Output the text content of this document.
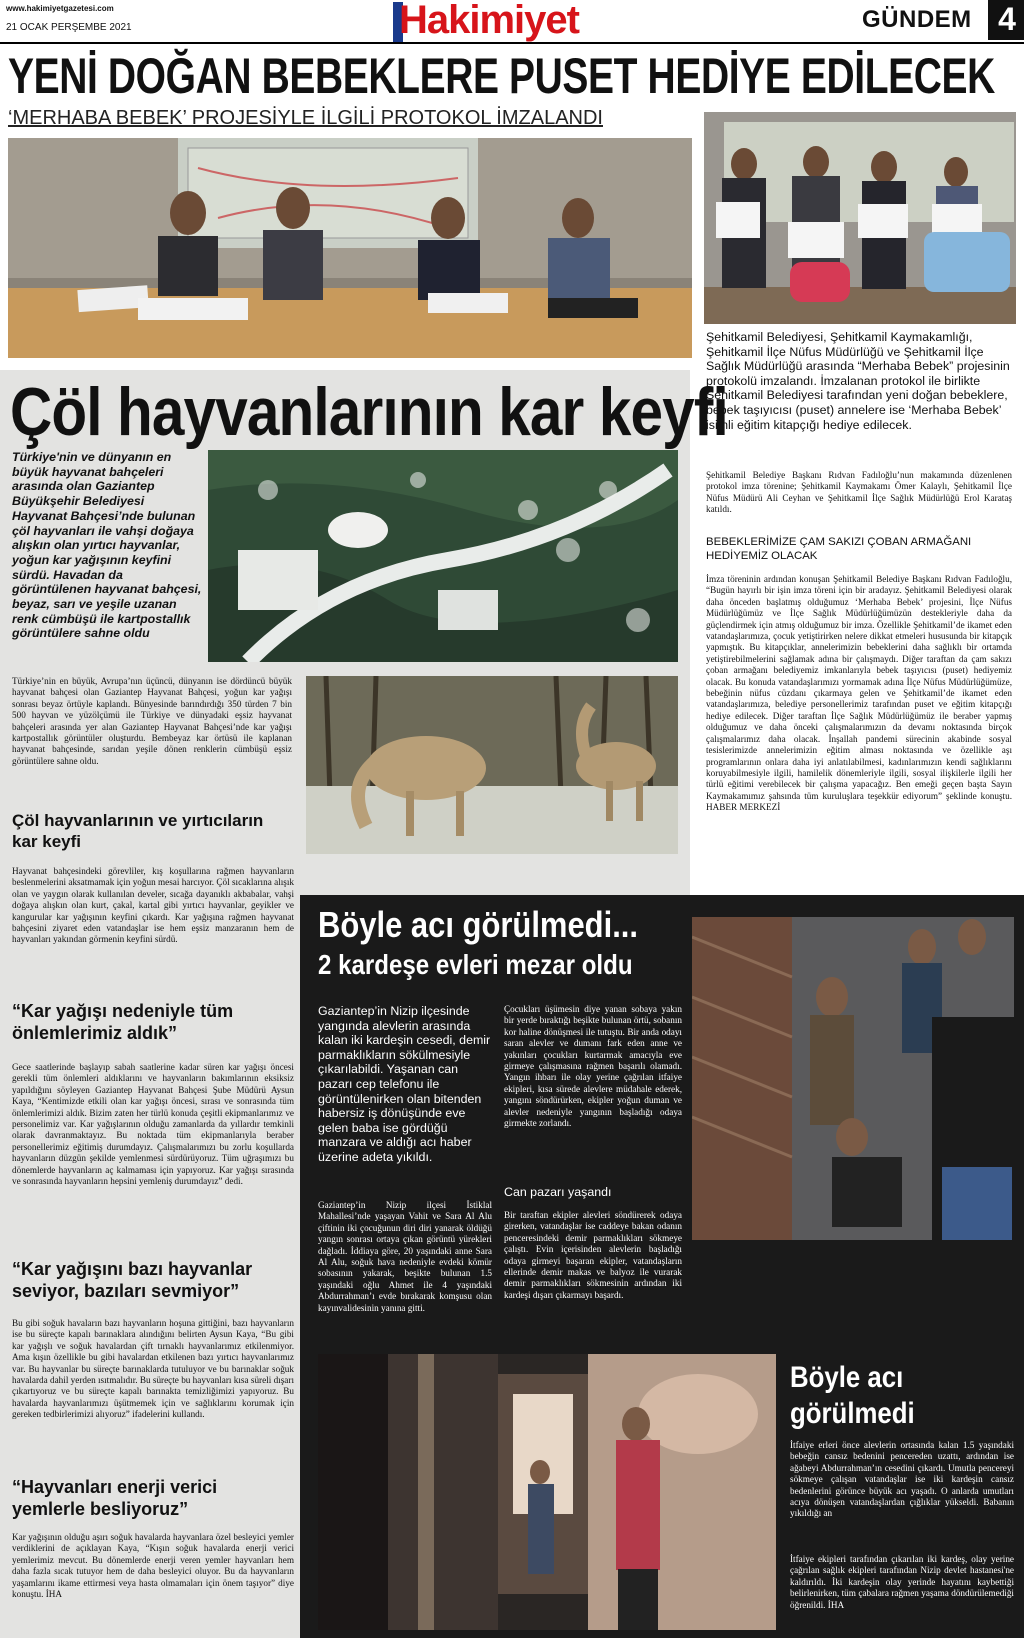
www.hakimiyetgazetesi.com
21 OCAK PERŞEMBE 2021	Hakimiyet	GÜNDEM 4
YENİ DOĞAN BEBEKLERE PUSET HEDİYE EDİLECEK
‘MERHABA BEBEK’ PROJESİYLE İLGİLİ PROTOKOL İMZALANDI
Şehitkamil Belediyesi, Şehitkamil Kaymakamlığı, Şehitkamil İlçe Nüfus Müdürlüğü ve Şehitkamil İlçe Sağlık Müdürlüğü arasında “Merhaba Bebek” projesinin protokolü imzalandı. İmzalanan protokol ile birlikte Şehitkamil Belediyesi tarafından yeni doğan bebeklere, bebek taşıyıcısı (puset) annelere ise ‘Merhaba Bebek’ isimli eğitim kitapçığı hediye edilecek.
Şehitkamil Belediye Başkanı Rıdvan Fadıloğlu’nun makamında düzenlenen protokol imza törenine; Şehitkamil Kaymakamı Ömer Kalaylı, Şehitkamil İlçe Nüfus Müdürü Ali Ceyhan ve Şehitkamil İlçe Sağlık Müdürlüğü Erol Karataş katıldı.
BEBEKLERİMİZE ÇAM SAKIZI ÇOBAN ARMAĞANI HEDİYEMİZ OLACAK
İmza töreninin ardından konuşan Şehitkamil Belediye Başkanı Rıdvan Fadıloğlu, “Bugün hayırlı bir işin imza töreni için bir aradayız. Şehitkamil Belediyesi olarak daha önceden başlatmış olduğumuz ‘Merhaba Bebek’ projesini, İlçe Nüfus Müdürlüğümüz ve İlçe Sağlık Müdürlüğümüzün destekleriyle daha da güçlendirmek için atmış olduğumuz bir imza. Özellikle Şehitkamil’de ikamet eden vatandaşlarımıza, çocuk yetiştirirken nelere dikkat etmeleri hususunda bir kitapçık yapmıştık. Bu kitapçıklar, annelerimizin bebeklerini daha sağlıklı bir ortamda yetiştirebilmelerini sağlamak adına bir çalışmaydı. Diğer taraftan da çam sakızı çoban armağanı belediyemiz imkanlarıyla bebek taşıyıcısı (puset) hediyemiz olacak. Bu konuda vatandaşlarımızı yormamak adına İlçe Nüfus Müdürlüğümüze, bebeğinin nüfus cüzdanı çıkarmaya gelen ve Şehitkamil’de ikamet eden vatandaşlarımıza, belediye personellerimiz tarafından puset ve eğitim kitapçığı hediye edilecek. Diğer taraftan İlçe Sağlık Müdürlüğümüz ile beraber yapmış olduğumuz ve daha önceki çalışmalarımızın da devamı noktasında birçok çalışmalarımız daha olacak. İnşallah pandemi sürecinin akabinde sosyal tesislerimizde annelerimizin eğitim alması noktasında ve özellikle aşı programlarının onlara daha iyi anlatılabilmesi, kadınlarımızın kendi sağlıklarını koruyabilmesiyle ilgili, hamilelik dönemleriyle ilgili, sosyal ilişkilerle ilgili her türlü eğitimi verebilecek bir çalışma yapacağız. Ben emeği geçen başta Sayın Kaymakamımız şahsında tüm kuruluşlara teşekkür ediyorum” şeklinde konuştu. HABER MERKEZİ
Çöl hayvanlarının kar keyfi
Türkiye'nin ve dünyanın en büyük hayvanat bahçeleri arasında olan Gaziantep Büyükşehir Belediyesi Hayvanat Bahçesi’nde bulunan çöl hayvanları ile vahşi doğaya alışkın olan yırtıcı hayvanlar, yoğun kar yağışının keyfini sürdü. Havadan da görüntülenen hayvanat bahçesi, beyaz, sarı ve yeşile uzanan renk cümbüşü ile kartpostallık görüntülere sahne oldu
Türkiye’nin en büyük, Avrupa’nın üçüncü, dünyanın ise dördüncü büyük hayvanat bahçesi olan Gaziantep Hayvanat Bahçesi, yoğun kar yağışı sonrası beyaz örtüyle kaplandı. Bünyesinde barındırdığı 350 türden 7 bin 500 hayvan ve yüzölçümü ile Türkiye ve dünyadaki eşsiz hayvanat bahçeleri arasında yer alan Gaziantep Hayvanat Bahçesi’nde kar yağışı kartpostallık görüntüler oluşturdu. Bembeyaz kar örtüsü ile kaplanan hayvanat bahçesinde, sarıdan yeşile dönen renklerin cümbüşü eşsiz görüntülere sahne oldu.
Çöl hayvanlarının ve yırtıcıların kar keyfi
Hayvanat bahçesindeki görevliler, kış koşullarına rağmen hayvanların beslenmelerini aksatmamak için yoğun mesai harcıyor. Çöl sıcaklarına alışık olan ve yaygın olarak kullanılan develer, sıcağa dayanıklı akbabalar, vahşi doğaya alışkın olan kurt, çakal, kartal gibi yırtıcı hayvanlar, geyikler ve kangurular kar yağışının keyfini çıkardı. Kar yağışına rağmen hayvanat bahçesini ziyaret eden vatandaşlar ise hem eşsiz manzaranın hem de hayvanları yakından görmenin keyfini sürdü.
“Kar yağışı nedeniyle tüm önlemlerimiz aldık”
Gece saatlerinde başlayıp sabah saatlerine kadar süren kar yağışı öncesi gerekli tüm önlemleri aldıklarını ve hayvanların bakımlarının eksiksiz yapıldığını söyleyen Gaziantep Hayvanat Bahçesi Şube Müdürü Aysun Kaya, “Kentimizde etkili olan kar yağışı öncesi, sırası ve sonrasında tüm önlemlerimizi aldık. Bizim zaten her türlü konuda çeşitli ekipmanlarımız ve personelimiz var. Kar yağışlarının olduğu zamanlarda da yıllardır temkinli olarak davranmaktayız. Bu noktada tüm ekipmanlarıyla beraber personellerimiz eğitimiş durumdayız. Çalışmalarımızı bu zorlu koşullarda hayvanların düzgün şekilde yemlenmesi sürdürüyoruz. Tüm uğraşımızı bu dönemlerde hayvanların aç kalmaması için yapıyoruz. Kar yağışı sırasında ve sonrasında hayvanların hepsini yemleniş durumdayız” dedi.
“Kar yağışını bazı hayvanlar seviyor, bazıları sevmiyor”
Bu gibi soğuk havaların bazı hayvanların hoşuna gittiğini, bazı hayvanların ise bu süreçte kapalı barınaklara alındığını belirten Aysun Kaya, “Bu gibi kar yağışlı ve soğuk havalardan çift tırnaklı hayvanlarımız etkilenmiyor. Ama kışın özellikle bu gibi havalardan etkilenen bazı yırtıcı hayvanlarımız var. Bu hayvanlar bu süreçte barınaklarda tutuluyor ve bu barınaklar soğuk havalarda dahil yerden ısıtmalıdır. Bu süreçte bu hayvanları kısa süreli dışarı çıkartıyoruz ve bu süreçte kapalı barınakta temizliğimizi yapıyoruz. Bu havalarda hayvanlarımızı üşütmemek için ve sağlıklarını korumak için gereken tedbirlerimizi alıyoruz” ifadelerini kullandı.
“Hayvanları enerji verici yemlerle besliyoruz”
Kar yağışının olduğu aşırı soğuk havalarda hayvanlara özel besleyici yemler verdiklerini de açıklayan Kaya, “Kışın soğuk havalarda enerji verici yemlerimiz mevcut. Bu dönemlerde enerji veren yemler hayvanları hem daha fazla sıcak tutuyor hem de daha besleyici oluyor. Bu da hayvanların yaşamlarını ikame ettirmesi veya hasta olmamaları için önem taşıyor” diye konuştu. İHA
Böyle acı görülmedi...
2 kardeşe evleri mezar oldu
Gaziantep’in Nizip ilçesinde yangında alevlerin arasında kalan iki kardeşin cesedi, demir parmaklıkların sökülmesiyle çıkarılabildi. Yaşanan can pazarı cep telefonu ile görüntülenirken olan bitenden habersiz iş dönüşünde eve gelen baba ise gördüğü manzara ve aldığı acı haber üzerine adeta yıkıldı.
Gaziantep’in Nizip ilçesi İstiklal Mahallesi’nde yaşayan Vahit ve Sara Al Alu çiftinin iki çocuğunun diri diri yanarak öldüğü yangın sonrası ortaya çıkan görüntü yürekleri dağladı. İddiaya göre, 20 yaşındaki anne Sara Al Alu, soğuk hava nedeniyle evdeki kömür sobasının yakarak, beşikte bulunan 1.5 yaşındaki oğlu Ahmet ile 4 yaşındaki Abdurrahman’ı evde bırakarak komşusu olan kayınvalidesinin yanına gitti.
Çocukları üşümesin diye yanan sobaya yakın bir yerde bıraktığı beşikte bulunan örtü, sobanın kor haline dönüşmesi ile tutuştu. Bir anda odayı saran alevler ve dumanı fark eden anne ve yakınları çocukları kurtarmak amacıyla eve girmeye çalışmasına rağmen başarılı olamadı. Yangın ihbarı ile olay yerine çağrılan itfaiye ekipleri, kısa sürede alevlere müdahale ederek, yangını söndürürken, ekipler yoğun duman ve alevler nedeniyle yangının başladığı odaya girmekte zorlandı.
Can pazarı yaşandı
Bir taraftan ekipler alevleri söndürerek odaya girerken, vatandaşlar ise caddeye bakan odanın penceresindeki demir parmaklıkları sökmeye çalıştı. Evin içerisinden alevlerin başladığı odaya girmeyi başaran ekipler, vatandaşların ellerinde demir makas ve balyoz ile vurarak demir parmaklıkları sökmesinin ardından iki kardeşi dışarı çıkarmayı başardı.
Böyle acı görülmedi
İtfaiye erleri önce alevlerin ortasında kalan 1.5 yaşındaki bebeğin cansız bedenini pencereden uzattı, ardından ise ağabeyi Abdurrahman’ın cesedini çıkardı. Umutla pencereyi sökmeye çalışan vatandaşlar ise iki kardeşin cansız bedenlerini görünce büyük acı yaşadı. O anlarda umutları acıya dönüşen vatandaşlardan çığlıklar yükseldi. Babanın yıkıldığı an
İtfaiye ekipleri tarafından çıkarılan iki kardeş, olay yerine çağrılan sağlık ekipleri tarafından Nizip devlet hastanesi'ne kaldırıldı. İki kardeşin olay yerinde hayatını kaybettiği belirlenirken, tüm çabalara rağmen yaşama döndürülemediği öğrenildi. İHA
